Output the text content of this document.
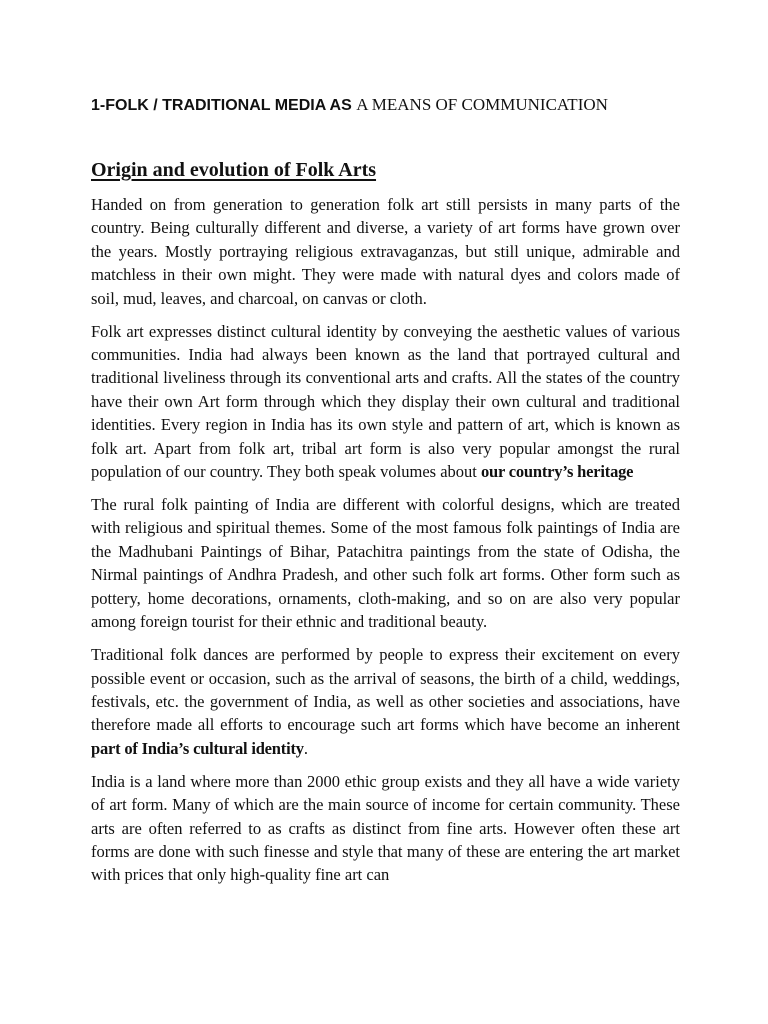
1-FOLK / TRADITIONAL MEDIA AS A MEANS OF COMMUNICATION
Origin and evolution of Folk Arts

Handed on from generation to generation folk art still persists in many parts of the country. Being culturally different and diverse, a variety of art forms have grown over the years. Mostly portraying religious extravaganzas, but still unique, admirable and matchless in their own might. They were made with natural dyes and colors made of soil, mud, leaves, and charcoal, on canvas or cloth.

Folk art expresses distinct cultural identity by conveying the aesthetic values of various communities. India had always been known as the land that portrayed cultural and traditional liveliness through its conventional arts and crafts. All the states of the country have their own Art form through which they display their own cultural and traditional identities. Every region in India has its own style and pattern of art, which is known as folk art. Apart from folk art, tribal art form is also very popular amongst the rural population of our country. They both speak volumes about our country’s heritage

The rural folk painting of India are different with colorful designs, which are treated with religious and spiritual themes. Some of the most famous folk paintings of India are the Madhubani Paintings of Bihar, Patachitra paintings from the state of Odisha, the Nirmal paintings of Andhra Pradesh, and other such folk art forms. Other form such as pottery, home decorations, ornaments, cloth-making, and so on are also very popular among foreign tourist for their ethnic and traditional beauty.

Traditional folk dances are performed by people to express their excitement on every possible event or occasion, such as the arrival of seasons, the birth of a child, weddings, festivals, etc. the government of India, as well as other societies and associations, have therefore made all efforts to encourage such art forms which have become an inherent part of India’s cultural identity.

India is a land where more than 2000 ethic group exists and they all have a wide variety of art form. Many of which are the main source of income for certain community. These arts are often referred to as crafts as distinct from fine arts. However often these art forms are done with such finesse and style that many of these are entering the art market with prices that only high-quality fine art can
